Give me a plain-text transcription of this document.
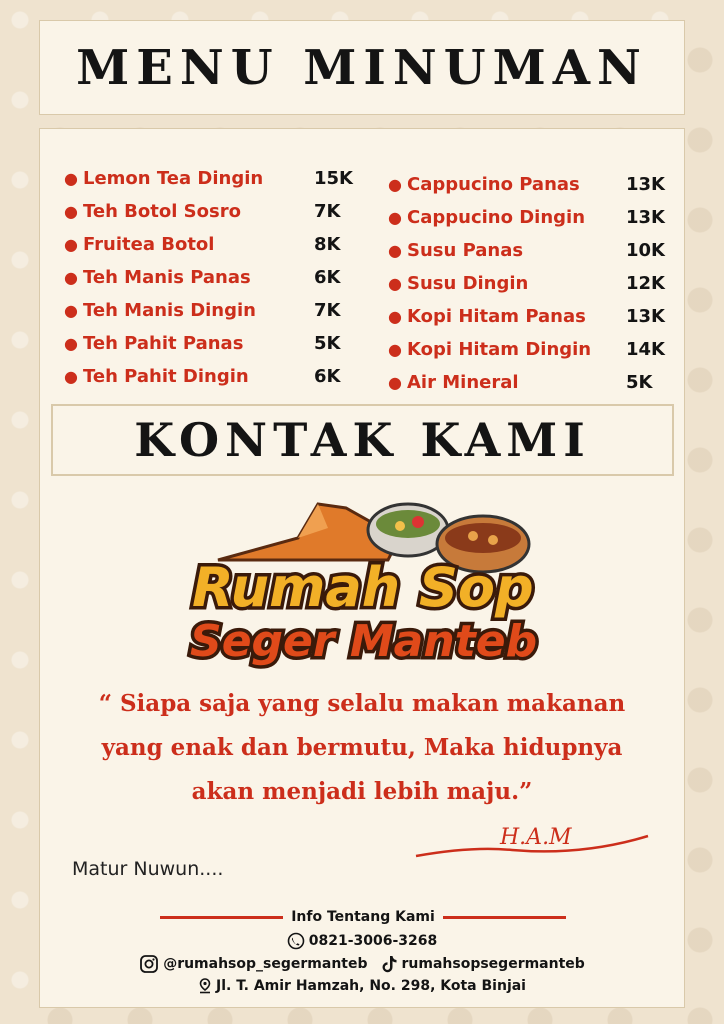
MENU MINUMAN
● Lemon Tea Dingin	15K
● Teh Botol Sosro	7K
● Fruitea Botol	8K
● Teh Manis Panas	6K
● Teh Manis Dingin	7K
● Teh Pahit Panas	5K
● Teh Pahit Dingin	6K
● Cappucino Panas	13K
● Cappucino Dingin	13K
● Susu Panas	10K
● Susu Dingin	12K
● Kopi Hitam Panas	13K
● Kopi Hitam Dingin	14K
● Air Mineral	5K
KONTAK KAMI
Rumah Sop
Seger Manteb
“ Siapa saja yang selalu makan makanan
yang enak dan bermutu, Maka hidupnya
akan menjadi lebih maju.”
H.A.M
Matur Nuwun....
Info Tentang Kami
0821-3006-3268
@rumahsop_segermanteb rumahsopsegermanteb
Jl. T. Amir Hamzah, No. 298, Kota Binjai
